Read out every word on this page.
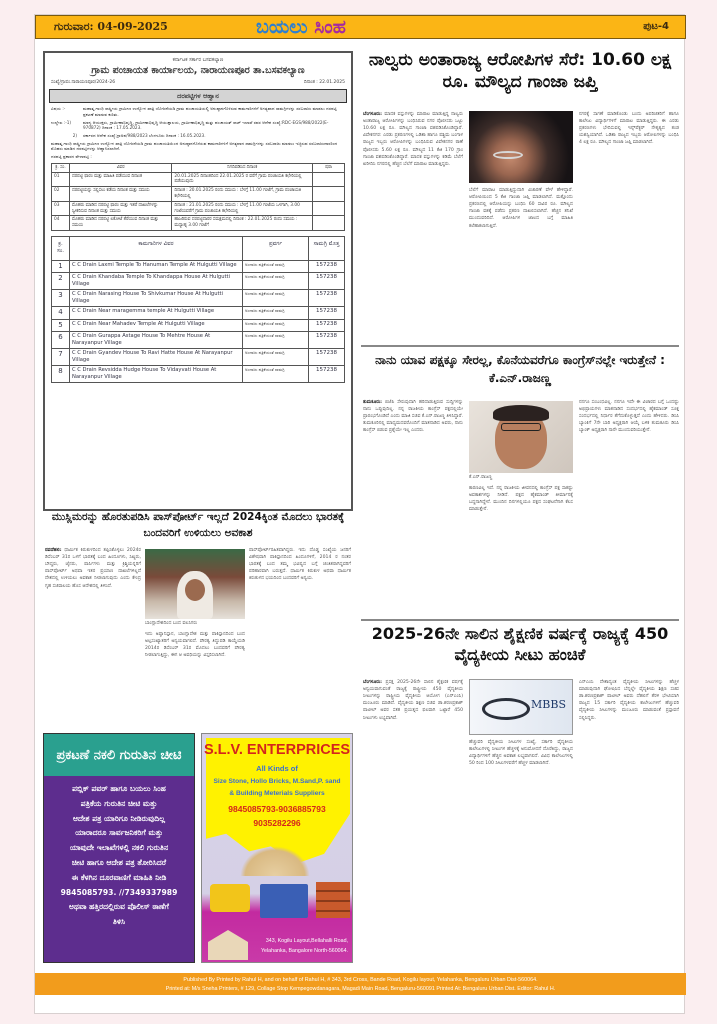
ಗುರುವಾರ: 04-09-2025	ಬಯಲು ಸಿಂಹ	ಪುಟ-4
ಕರ್ನಾಟಕ ಸರ್ಕಾರ ಬಸವಕಲ್ಯಾಣ
ಗ್ರಾಮ ಪಂಚಾಯತ ಕಾರ್ಯಾಲಯ, ನಾರಾಯಣಪೂರ ತಾ.ಬಸವಕಲ್ಯಾಣ
ಸಂಖ್ಯೆ/ಗ್ರಾಪಂ.ನಾರಾಯಣಪೂರ/2024-26	ದಿನಾಂಕ : 22.01.2025
ದರಪಟ್ಟಿಗಳ ಆಹ್ವಾನ
ವಿಷಯ :-	ಮಹಾತ್ಮ ಗಾಂಧಿ ರಾಷ್ಟ್ರೀಯ ಗ್ರಾಮೀಣ ಉದ್ಯೋಗ ಖಾತ್ರಿ ಯೋಜನೆಯಡಿ ಗ್ರಾಮ ಪಂಚಾಯತಿಯಲ್ಲಿ ಅನುಷ್ಠಾನಗೊಳಿಸುವ ಕಾಮಗಾರಿಗಳಿಗೆ ಅಗತ್ಯವಾದ ಸಾಮಗ್ರಿಗಳನ್ನು ಸರಬರಾಜು ಮಾಡಲು ದರಪಟ್ಟಿ ಪ್ರಕಟಣೆ ಮಾಡುವ ಕುರಿತು.
ಉಲ್ಲೇಖ :-1)	ಮಾನ್ಯ ಆಯುಕ್ತರು, ಗ್ರಾಮೀಣಾಭಿವೃದ್ಧಿ, ಗ್ರಾಮೀಣಾಭಿವೃದ್ಧಿ ಆಯುಕ್ತಾಲಯ, ಗ್ರಾಮೀಣಾಭಿವೃದ್ಧಿ ಮತ್ತು ಪಂಚಾಯತ್ ರಾಜ್ ಇಲಾಖೆ ರವರ ಆದೇಶ ಸಂಖ್ಯೆ:RDC-EGS/988/2022(E-970872) ದಿನಾಂಕ : 17.05.2023.
2) ಸರ್ಕಾರದ ಆದೇಶ ಸಂಖ್ಯೆ:ಗ್ರಾಅಪ/988/2023 ಬೆಂಗಳೂರು ದಿನಾಂಕ : 16.05.2023.

ಮಹಾತ್ಮ ಗಾಂಧಿ ರಾಷ್ಟ್ರೀಯ ಗ್ರಾಮೀಣ ಉದ್ಯೋಗ ಖಾತ್ರಿ ಯೋಜನೆಯಡಿ ಗ್ರಾಮ ಪಂಚಾಯತಿಯಿಂದ ಅನುಷ್ಠಾನಗೊಳಿಸುವ ಕಾಮಗಾರಿಗಳಿಗೆ ಅಗತ್ಯವಾದ ಸಾಮಗ್ರಿಗಳನ್ನು ಸರಬರಾಜು ಮಾಡಲು ಇಚ್ಛಿಸುವ ಸರಬರಾಜುದಾರರಿಂದ ಮೊಹರು ಮಾಡಿದ ದರಪಟ್ಟಿಗಳನ್ನು ಆಹ್ವಾನಿಸಲಾಗಿದೆ.

ದರಪಟ್ಟಿ ಪ್ರಕಾರದ ವೇಳಾಪಟ್ಟಿ :

ಕ್ರ. ಸಂ.	ವಿವರ	ನಿಗದಿಪಡಿಸಿದ ದಿನಾಂಕ	ಷರಾ
01	ದರಪಟ್ಟಿ ಫಾರಂ ಮತ್ತು ಮಾಹಿತಿ ಪಡೆಯುವ ದಿನಾಂಕ	20.01.2025 ದಿನಾಂಕದಿಂದ 22.01.2025 ರ ವರೆಗೆ ಗ್ರಾಮ ಪಂಚಾಯತಿ ಕಛೇರಿಯಲ್ಲಿ ಪಡೆಯುವುದು	
02	ದರಪಟ್ಟಿಯನ್ನು ಸಲ್ಲಿಸಲು ಕಡೆಯ ದಿನಾಂಕ ಮತ್ತು ಸಮಯ	ದಿನಾಂಕ : 20.01.2025 ರಂದು ಸಮಯ : ಬೆಳಗ್ಗೆ 11.00 ಗಂಟೆಗೆ, ಗ್ರಾಮ ಪಂಚಾಯತಿ ಕಛೇರಿಯಲ್ಲಿ	
03	ಮೊಹರು ಮಾಡಿದ ದರಪಟ್ಟಿ ಫಾರಂ ಮತ್ತು ಇತರೆ ದಾಖಲೆಗಳನ್ನು ಸ್ವೀಕರಿಸುವ ದಿನಾಂಕ ಮತ್ತು ಸಮಯ	ದಿನಾಂಕ : 21.01.2025 ರಂದು ಸಮಯ : ಬೆಳಗ್ಗೆ 11.00 ಗಂಟೆಯ ಒಳಗಾಗಿ, 3.00 ಗಂಟೆಯವರೆಗೆ ಗ್ರಾಮ ಪಂಚಾಯತಿ ಕಛೇರಿಯಲ್ಲಿ	
04	ಮೊಹರು ಮಾಡಿದ ದರಪಟ್ಟಿ ಲಕೋಟೆ ತೆರೆಯುವ ದಿನಾಂಕ ಮತ್ತು ಸಮಯ	ಹಾಜರಿರುವ ದರಪಟ್ಟಿದಾರರ ಸಮಕ್ಷಮದಲ್ಲಿ ದಿನಾಂಕ : 22.01.2025 ರಂದು ಸಮಯ : ಮಧ್ಯಾಹ್ನ 3.00 ಗಂಟೆಗೆ	
ಕ್ರ. ಸಂ.	ಕಾಮಗಾರಿಗಳ ವಿವರ	ಪ್ರವರ್ಗ	ಸಾಮಗ್ರಿ ಮೊತ್ತ
1	C C Drain Laxmi Temple To Hanuman Temple At Hulgutti Village	ಅಂದಾಜು ಪತ್ರಿಕೆಯಂತೆ ಸಾಮಗ್ರಿ	157238
2	C C Drain Khandaba Temple To Khandappa House At Hulgutti Village	ಅಂದಾಜು ಪತ್ರಿಕೆಯಂತೆ ಸಾಮಗ್ರಿ	157238
3	C C Drain Narasing House To Shivkumar House At Hulgutti Village	ಅಂದಾಜು ಪತ್ರಿಕೆಯಂತೆ ಸಾಮಗ್ರಿ	157238
4	C C Drain Near maragemma temple At Hulgutti Village	ಅಂದಾಜು ಪತ್ರಿಕೆಯಂತೆ ಸಾಮಗ್ರಿ	157238
5	C C Drain Near Mahadev Temple At Hulgutti Village	ಅಂದಾಜು ಪತ್ರಿಕೆಯಂತೆ ಸಾಮಗ್ರಿ	157238
6	C C Drain Gurappa Astage House To Mehtre House At Narayanpur Village	ಅಂದಾಜು ಪತ್ರಿಕೆಯಂತೆ ಸಾಮಗ್ರಿ	157238
7	C C Drain Gyandev House To Ravi Hatte House At Narayanpur Village	ಅಂದಾಜು ಪತ್ರಿಕೆಯಂತೆ ಸಾಮಗ್ರಿ	157238
8	C C Drain Revsidda Hudge House To Vidayvati House At Narayanpur Village	ಅಂದಾಜು ಪತ್ರಿಕೆಯಂತೆ ಸಾಮಗ್ರಿ	157238
ನಾಲ್ವರು ಅಂತಾರಾಜ್ಯ ಆರೋಪಿಗಳ ಸೆರೆ: 10.60 ಲಕ್ಷ ರೂ. ಮೌಲ್ಯದ ಗಾಂಜಾ ಜಪ್ತಿ
ಬೆಂಗಳೂರು: ಮಾದಕ ವಸ್ತುಗಳನ್ನು ಮಾರಾಟ ಮಾಡುತ್ತಿದ್ದ ನಾಲ್ವರು ಅಂತಾರಾಜ್ಯ ಆರೋಪಿಗಳನ್ನು ಬಂಧಿಸಿರುವ ನಗರ ಪೊಲೀಸರು ಒಟ್ಟು 10.60 ಲಕ್ಷ ರೂ. ಮೌಲ್ಯದ ಗಾಂಜಾ ವಶಪಡಿಸಿಕೊಂಡಿದ್ದಾರೆ. ವಿವೇಕನಗರ: ಎರಡು ಪ್ರಕರಣಗಳಲ್ಲಿ ಒಡಿಶಾ ಹಾಗೂ ಪಶ್ಚಿಮ ಬಂಗಾಳ ರಾಜ್ಯದ ಇಬ್ಬರು ಆರೋಪಿಗಳನ್ನು ಬಂಧಿಸಿರುವ ವಿವೇಕನಗರ ಠಾಣೆ ಪೊಲೀಸರು 5.60 ಲಕ್ಷ ರೂ. ಮೌಲ್ಯದ 11 ಕೆಜಿ 170 ಗ್ರಾಂ ಗಾಂಜಾ ವಶಪಡಿಸಿಕೊಂಡಿದ್ದಾರೆ. ಮಾದಕ ವಸ್ತುಗಳನ್ನು ಕಡಿಮೆ ಬೆಲೆಗೆ ಖರೀದಿಸಿ ನಗರದಲ್ಲಿ ಹೆಚ್ಚಿನ ಬೆಲೆಗೆ ಮಾರಾಟ ಮಾಡುತ್ತಿದ್ದರು.
ಬೆಲೆಗೆ ಮಾರಾಟ ಮಾಡುತ್ತಿದ್ದುದಾಗಿ ವಿಚಾರಣೆ ವೇಳೆ ಹೇಳಿದ್ದಾರೆ. ಆರೋಪಿಯಿಂದ 5 ಕೆಜಿ ಗಾಂಜಾ ಜಪ್ತಿ ಮಾಡಲಾಗಿದೆ. ಮತ್ತೊಂದು ಪ್ರಕರಣದಲ್ಲಿ ಆರೋಪಿಯನ್ನು ಬಂಧಿಸಿ 60 ಸಾವಿರ ರೂ. ಮೌಲ್ಯದ ಗಾಂಜಾ ವಶಕ್ಕೆ ಪಡೆದು ಪ್ರಕರಣ ದಾಖಲಿಸಲಾಗಿದೆ. ಹೆಚ್ಚಿನ ತನಿಖೆ ಮುಂದುವರಿದಿದೆ. ಆರೋಪಿಗಳ ಜಾಲದ ಬಗ್ಗೆ ಮಾಹಿತಿ ಕಲೆಹಾಕಲಾಗುತ್ತಿದೆ.
ನಗರಕ್ಕೆ ಸಾಗಣೆ ಮಾಡಿಕೊಂಡು ಬಂದು ಅಪರಿಚಿತರಿಗೆ ಹಾಗೂ ಕಾಲೇಜು ವಿದ್ಯಾರ್ಥಿಗಳಿಗೆ ಮಾರಾಟ ಮಾಡುತ್ತಿದ್ದರು. ಈ ಎರಡು ಪ್ರಕರಣಗಳು ಭೇದಿಸುವಲ್ಲಿ ಇನ್ಸ್‌ಪೆಕ್ಟರ್ ನೇತೃತ್ವದ ತಂಡ ಯಶಸ್ವಿಯಾಗಿದೆ. ಒಡಿಶಾ ರಾಜ್ಯದ ಇಬ್ಬರು ಆರೋಪಿಗಳನ್ನು ಬಂಧಿಸಿ 4 ಲಕ್ಷ ರೂ. ಮೌಲ್ಯದ ಗಾಂಜಾ ಜಪ್ತಿ ಮಾಡಲಾಗಿದೆ.
ನಾನು ಯಾವ ಪಕ್ಷಕ್ಕೂ ಸೇರಲ್ಲ, ಕೊನೆಯವರೆಗೂ ಕಾಂಗ್ರೆಸ್‌ನಲ್ಲೇ ಇರುತ್ತೇನೆ : ಕೆ.ಎನ್.ರಾಜಣ್ಣ
ತುಮಕೂರು: ಬಿಜೆಪಿ ಸೇರುವುದಾಗಿ ಹರಿದಾಡುತ್ತಿರುವ ಸುದ್ದಿಗಳನ್ನು ನಾನು ಒಪ್ಪುವುದಿಲ್ಲ. ನನ್ನ ರಾಜಕೀಯ ಕಾಂಗ್ರೆಸ್ ಪಕ್ಷದಲ್ಲಿಯೇ ಪ್ರಾರಂಭಗೊಂಡಿದೆ ಎಂದು ಮಾಜಿ ಸಚಿವ ಕೆ.ಎನ್.ರಾಜಣ್ಣ ತಿಳಿಸಿದ್ದಾರೆ. ತುಮಕೂರಿನಲ್ಲಿ ಮಾಧ್ಯಮದವರೊಂದಿಗೆ ಮಾತನಾಡಿದ ಅವರು, ನಾನು ಕಾಂಗ್ರೆಸ್ ಬಿಡುವ ಪ್ರಶ್ನೆಯೇ ಇಲ್ಲ ಎಂದರು.
ಕೆ.ಎನ್.ರಾಜಣ್ಣ
ಕಾರಣವಿಲ್ಲ ಇದೆ. ನನ್ನ ರಾಜಕೀಯ ಜೀವನದಲ್ಲಿ ಕಾಂಗ್ರೆಸ್ ಪಕ್ಷ ಸಾಕಷ್ಟು ಅವಕಾಶಗಳನ್ನು ನೀಡಿದೆ. ಪಕ್ಷದ ಹೈಕಮಾಂಡ್ ತೀರ್ಮಾನಕ್ಕೆ ಬದ್ಧನಾಗಿದ್ದೇನೆ. ಮುಂದಿನ ದಿನಗಳಲ್ಲಿಯೂ ಪಕ್ಷದ ಸಂಘಟನೆಗಾಗಿ ಕೆಲಸ ಮಾಡುತ್ತೇನೆ.
ನನಗೂ ಸಂಬಂಧವಿಲ್ಲ. ನನಗೂ ಇದೇ ಈ ವಿಚಾರದ ಬಗ್ಗೆ ಒಂದಷ್ಟು ಅಭಿಪ್ರಾಯಗಳು ಮಾತನಾಡಿದ ಸಂದರ್ಭದಲ್ಲಿ ಹೈಕಮಾಂಡ್ ಸೂಕ್ತ ಸಂದರ್ಭದಲ್ಲಿ ನಿರ್ಧಾರ ತೆಗೆದುಕೊಳ್ಳುತ್ತದೆ ಎಂದು ಹೇಳಿದರು. ಡಿಸಿಸಿ ಬ್ಯಾಂಕಿಗೆ 7ನೇ ಬಾರಿ ಅಧ್ಯಕ್ಷರಾಗಿ ಆಯ್ಕೆ ಬಳಿಕ ತುಮಕೂರು ಡಿಸಿಸಿ ಬ್ಯಾಂಕ್ ಅಧ್ಯಕ್ಷರಾಗಿ ನಾನೇ ಮುಂದುವರಿಯುತ್ತೇನೆ.
2025-26ನೇ ಸಾಲಿನ ಶೈಕ್ಷಣಿಕ ವರ್ಷಕ್ಕೆ ರಾಜ್ಯಕ್ಕೆ 450 ವೈದ್ಯಕೀಯ ಸೀಟು ಹಂಚಿಕೆ
ಬೆಂಗಳೂರು: ಪ್ರಸಕ್ತ 2025-26ನೇ ಸಾಲಿನ ಶೈಕ್ಷಣಿಕ ವರ್ಷಕ್ಕೆ ಅನ್ವಯವಾಗುವಂತೆ ರಾಜ್ಯಕ್ಕೆ ರಾಷ್ಟ್ರೀಯ 450 ವೈದ್ಯಕೀಯ ಸೀಟುಗಳನ್ನು ರಾಷ್ಟ್ರೀಯ ವೈದ್ಯಕೀಯ ಆಯೋಗ (ಎನ್‌ಎಂಸಿ) ಮಂಜೂರು ಮಾಡಿದೆ. ವೈದ್ಯಕೀಯ ಶಿಕ್ಷಣ ಸಚಿವ ಡಾ.ಶರಣಪ್ರಕಾಶ್ ಪಾಟೀಲ್ ಅವರ ಸತತ ಪ್ರಯತ್ನದ ಫಲವಾಗಿ ಒಟ್ಟಾರೆ 450 ಸೀಟುಗಳು ಲಭ್ಯವಾಗಿವೆ.
MBBS
ಹೆಚ್ಚುವರಿ ವೈದ್ಯಕೀಯ ಸೀಟುಗಳ ಸಂಖ್ಯೆ, ಸರ್ಕಾರಿ ವೈದ್ಯಕೀಯ ಕಾಲೇಜುಗಳಲ್ಲಿ ಸೀಟುಗಳ ಹೆಚ್ಚಳಕ್ಕೆ ಅನುಮೋದನೆ ದೊರೆತಿದ್ದು, ರಾಜ್ಯದ ವಿದ್ಯಾರ್ಥಿಗಳಿಗೆ ಹೆಚ್ಚಿನ ಅವಕಾಶ ಲಭ್ಯವಾಗಲಿದೆ. ವಿವಿಧ ಕಾಲೇಜುಗಳಲ್ಲಿ 50 ರಿಂದ 100 ಸೀಟುಗಳವರೆಗೆ ಹೆಚ್ಚಳ ಮಾಡಲಾಗಿದೆ.
ಎನ್‌ಎಂಸಿ ದೇಶಾದ್ಯಂತ ವೈದ್ಯಕೀಯ ಸೀಟುಗಳನ್ನು ಹೆಚ್ಚಳ ಮಾಡುವುದಾಗಿ ಘೋಷಿಸಿದ ಬೆನ್ನಲ್ಲೇ ವೈದ್ಯಕೀಯ ಶಿಕ್ಷಣ ಸಚಿವ ಡಾ.ಶರಣಪ್ರಕಾಶ್ ಪಾಟೀಲ್ ಅವರು ದೆಹಲಿಗೆ ತೆರಳಿ ಭೇಟಿಯಾಗಿ ರಾಜ್ಯದ 15 ಸರ್ಕಾರಿ ವೈದ್ಯಕೀಯ ಕಾಲೇಜುಗಳಿಗೆ ಹೆಚ್ಚುವರಿ ವೈದ್ಯಕೀಯ ಸೀಟುಗಳನ್ನು ಮಂಜೂರು ಮಾಡುವಂತೆ ಪ್ರಸ್ತಾವನೆ ಸಲ್ಲಿಸಿದ್ದರು.
ಮುಸ್ಲಿಮರನ್ನು ಹೊರತುಪಡಿಸಿ ಪಾಸ್‌ಪೋರ್ಟ್ ಇಲ್ಲದೆ 2024ಕ್ಕಿಂತ ಮೊದಲು ಭಾರತಕ್ಕೆ ಬಂದವರಿಗೆ ಉಳಿಯಲು ಅವಕಾಶ
ನವದೆಹಲಿ: ಧಾರ್ಮಿಕ ಕಿರುಕುಳದಿಂದ ತಪ್ಪಿಸಿಕೊಳ್ಳಲು 2024ರ ಡಿಸೆಂಬರ್ 31ರ ಒಳಗೆ ಭಾರತಕ್ಕೆ ಬಂದ ಹಿಂದೂಗಳು, ಸಿಖ್ಖರು, ಬೌದ್ಧರು, ಜೈನರು, ಪಾರ್ಸಿಗಳು ಮತ್ತು ಕ್ರಿಶ್ಚಿಯನ್ನರಿಗೆ ಪಾಸ್‌ಪೋರ್ಟ್ ಅಥವಾ ಇತರ ಪ್ರಯಾಣ ದಾಖಲೆಗಳಿಲ್ಲದೆ ದೇಶದಲ್ಲಿ ಉಳಿಯಲು ಅವಕಾಶ ನೀಡಲಾಗುವುದು ಎಂದು ಕೇಂದ್ರ ಗೃಹ ಸಚಿವಾಲಯ ಹೊಸ ಆದೇಶದಲ್ಲಿ ತಿಳಿಸಿದೆ.
ಬಾಂಗ್ಲಾದೇಶದಿಂದ ಬಂದ ವಲಸಿಗರು
ಇದು ಅಫ್ಘಾನಿಸ್ತಾನ, ಬಾಂಗ್ಲಾದೇಶ ಮತ್ತು ಪಾಕಿಸ್ತಾನದಿಂದ ಬಂದ ಅಲ್ಪಸಂಖ್ಯಾತರಿಗೆ ಅನ್ವಯವಾಗಲಿದೆ. ಪೌರತ್ವ ತಿದ್ದುಪಡಿ ಕಾಯ್ದೆಯಡಿ 2014ರ ಡಿಸೆಂಬರ್ 31ರ ಮೊದಲು ಬಂದವರಿಗೆ ಪೌರತ್ವ ನೀಡಲಾಗುತ್ತಿದ್ದು, ಈಗ ಆ ಅವಧಿಯನ್ನು ವಿಸ್ತರಿಸಲಾಗಿದೆ.
ಪಾಸ್‌ಪೋರ್ಟ್‌ರಹಿತವಾಗಿದ್ದರು. ಇದು ದೊಡ್ಡ ಸಂಖ್ಯೆಯ ಜನರಿಗೆ ವಿಶೇಷವಾಗಿ ಪಾಕಿಸ್ತಾನದಿಂದ ಹಿಂದೂಗಳಿಗೆ, 2014 ರ ನಂತರ ಭಾರತಕ್ಕೆ ಬಂದ ತಮ್ಮ ಭವಿಷ್ಯದ ಬಗ್ಗೆ ಚಿಂತಿತರಾಗಿದ್ದವರಿಗೆ ಪರಿಹಾರವಾಗಿ ಬರುತ್ತದೆ. ಧಾರ್ಮಿಕ ಕಿರುಕುಳ ಅಥವಾ ಧಾರ್ಮಿಕ ಕಿರುಕುಳದ ಭಯದಿಂದ ಬಂದವರಿಗೆ ಅನ್ವಯ.
ಪ್ರಕಟಣೆ ನಕಲಿ ಗುರುತಿನ ಚೀಟಿ
ಪಬ್ಲಿಕ್ ಪವರ್ ಹಾಗೂ ಬಯಲು ಸಿಂಹ
ಪತ್ರಿಕೆಯ ಗುರುತಿನ ಚೀಟಿ ಮತ್ತು
ಆದೇಶ ಪತ್ರ ಯಾರಿಗೂ ನೀಡಿರುವುದಿಲ್ಲ
ಯಾರಾದರೂ ಸಾರ್ವಜನಿಕರಿಗೆ ಮತ್ತು
ಯಾವುದೇ ಇಲಾಖೆಗಳಲ್ಲಿ ನಕಲಿ ಗುರುತಿನ
ಚೀಟಿ ಹಾಗೂ ಆದೇಶ ಪತ್ರ ತೋರಿಸಿದರೆ
ಈ ಕೆಳಗಿನ ದೂರವಾಣಿಗೆ ಮಾಹಿತಿ ನೀಡಿ
9845085793. //7349337989
ಅಥವಾ ಹತ್ತಿರದಲ್ಲಿರುವ ಪೊಲೀಸ್ ಠಾಣೆಗೆ
ತಿಳಿಸಿ
S.L.V. ENTERPRICES
All Kinds of
Size Stone, Hollo Bricks, M.Sand,P. sand
& Building Meterials Suppliers
9845085793-9036885793
9035282296
343, Kogilu Layout,Bellahalli Road,
Yelahanka, Bangalore North-560064.
Published By Printed by Rahul H, and on behalf of Rahul H, # 343, 3rd Cross, Bande Road, Kogilu layout, Yelahanka, Bengaluru Urban Dist-560064.
Printed at: M/s Sneha Printers, # 129, Collage Stop Kempegowdanagara, Magadi Main Road, Bengaluru-560091 Printed At: Bengaluru Urban Dist. Editor: Rahul H.
